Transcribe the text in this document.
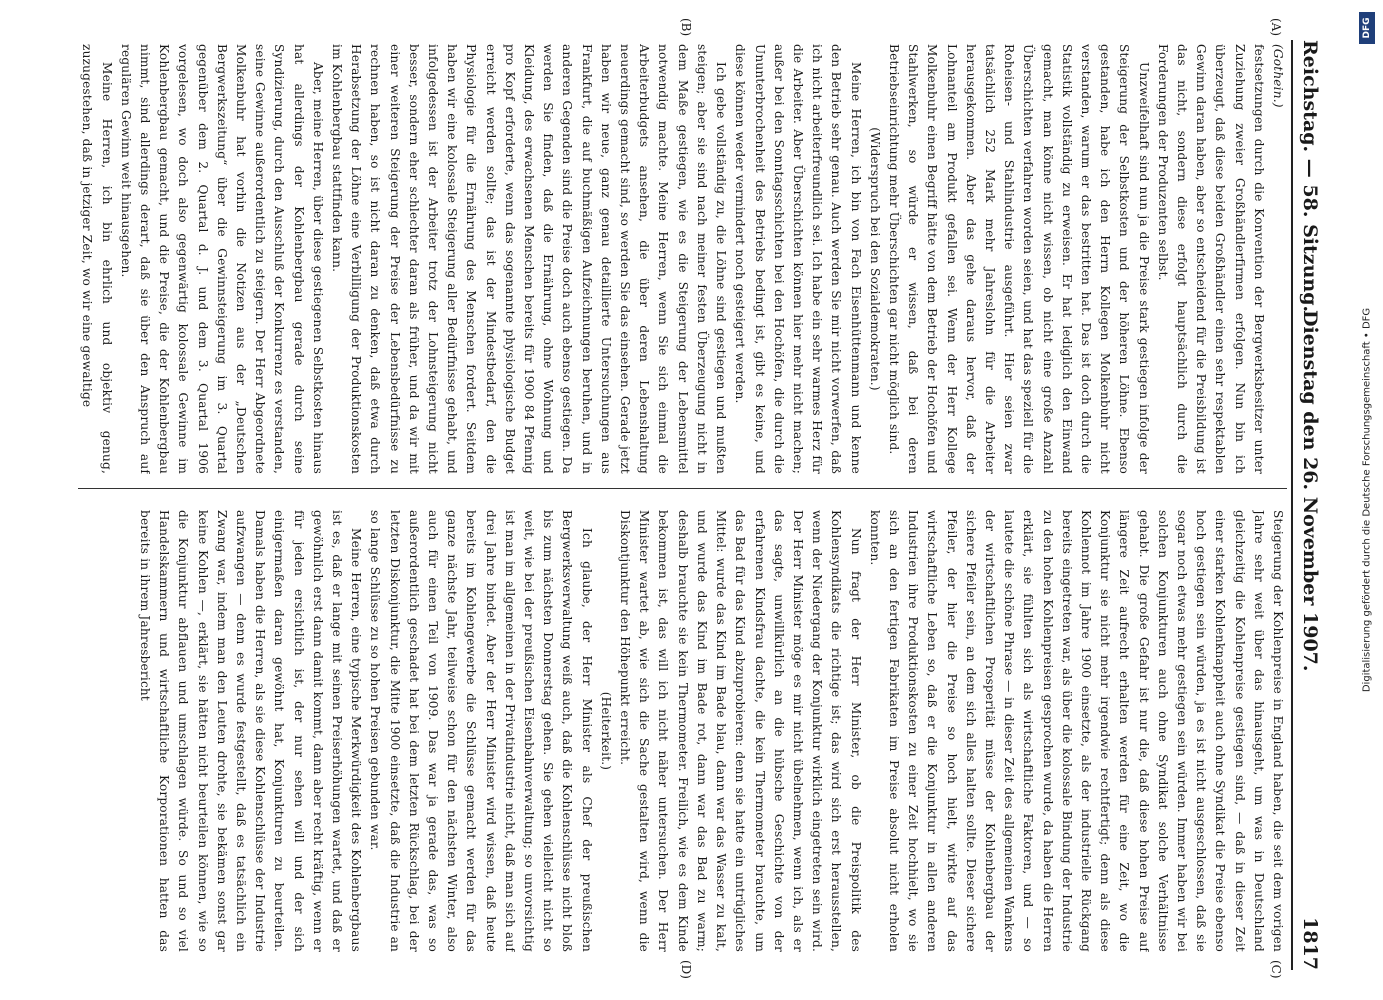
Reichstag. — 58. Sitzung.
Dienstag den 26. November 1907.
1817
(A)
(B)
(C)
(D)

(Gothein.)

festsetzungen durch die Konvention der Bergwerksbesitzer unter Zuziehung zweier Großhändlerfirmen erfolgen. Nun bin ich überzeugt, daß diese beiden Großhändler einen sehr respektablen Gewinn daran haben, aber so entscheidend für die Preisbildung ist das nicht, sondern diese erfolgt hauptsächlich durch die Forderungen der Produzenten selbst.

Unzweifelhaft sind nun ja die Preise stark gestiegen infolge der Steigerung der Selbstkosten und der höheren Löhne. Ebenso gestanden, habe ich den Herrn Kollegen Molkenbuhr nicht verstanden, warum er das bestritten hat. Das ist doch durch die Statistik vollständig zu erweisen. Er hat lediglich den Einwand gemacht, man könne nicht wissen, ob nicht eine große Anzahl Überschichten verfahren worden seien, und hat das speziell für die Roheisen- und Stahlindustrie ausgeführt. Hier seien zwar tatsächlich 252 Mark mehr Jahreslohn für die Arbeiter herausgekommen. Aber das gehe daraus hervor, daß der Lohnanteil am Produkt gefallen sei. Wenn der Herr Kollege Molkenbuhr einen Begriff hätte von dem Betrieb der Hochöfen und Stahlwerken, so würde er wissen, daß bei deren Betriebseinrichtung mehr Überschichten gar nicht möglich sind.

(Widerspruch bei den Sozialdemokraten.)

Meine Herren, ich bin von Fach Eisenhüttenmann und kenne den Betrieb sehr genau. Auch werden Sie mir nicht vorwerfen, daß ich nicht arbeiterfreundlich sei. Ich habe ein sehr warmes Herz für die Arbeiter. Aber Überschichten können hier mehr nicht machen; außer bei den Sonntagsschichten bei den Hochöfen, die durch die Ununterbrochenheit des Betriebs bedingt ist, gibt es keine, und diese können weder vermindert noch gesteigert werden.

Ich gebe vollständig zu, die Löhne sind gestiegen und mußten steigen; aber sie sind nach meiner festen Überzeugung nicht in dem Maße gestiegen, wie es die Steigerung der Lebensmittel notwendig machte. Meine Herren, wenn Sie sich einmal die Arbeiterbudgets ansehen, die über deren Lebenshaltung neuerdings gemacht sind, so werden Sie das einsehen. Gerade jetzt haben wir neue, ganz genau detaillierte Untersuchungen aus Frankfurt, die auf buchmäßigen Aufzeichnungen beruhen, und in anderen Gegenden sind die Preise doch auch ebenso gestiegen. Da werden Sie finden, daß die Ernährung, ohne Wohnung und Kleidung, des erwachsenen Menschen bereits für 1900 84 Pfennig pro Kopf erforderte, wenn das sogenannte physiologische Budget erreicht werden sollte; das ist der Mindestbedarf, den die Physiologie für die Ernährung des Menschen fordert. Seitdem haben wir eine kolossale Steigerung aller Bedürfnisse gehabt, und infolgedessen ist der Arbeiter trotz der Lohnsteigerung nicht besser, sondern eher schlechter daran als früher, und da wir mit einer weiteren Steigerung der Preise der Lebensbedürfnisse zu rechnen haben, so ist nicht daran zu denken, daß etwa durch Herabsetzung der Löhne eine Verbilligung der Produktionskosten im Kohlenbergbau stattfinden kann.

Aber, meine Herren, über diese gestiegenen Selbstkosten hinaus hat allerdings der Kohlenbergbau gerade durch seine Syndizierung, durch den Ausschluß der Konkurrenz es verstanden, seine Gewinne außerordentlich zu steigern. Der Herr Abgeordnete Molkenbuhr hat vorhin die Notizen aus der „Deutschen Bergwerkszeitung“ über die Gewinnsteigerung im 3. Quartal gegenüber dem 2. Quartal d. J. und dem 3. Quartal 1906 vorgelesen, wo doch also gegenwärtig kolossale Gewinne im Kohlenbergbau gemacht, und die Preise, die der Kohlenbergbau nimmt, sind allerdings derart, daß sie über den Anspruch auf regulären Gewinn weit hinausgehen.

Meine Herren, ich bin ehrlich und objektiv genug, zuzugestehen, daß in jetziger Zeit, wo wir eine gewaltige

Steigerung der Kohlenpreise in England haben, die seit dem vorigen Jahre sehr weit über das hinausgeht, um was in Deutschland gleichzeitig die Kohlenpreise gestiegen sind, — daß in dieser Zeit einer starken Kohlenknappheit auch ohne Syndikat die Preise ebenso hoch gestiegen sein würden, ja es ist nicht ausgeschlossen, daß sie sogar noch etwas mehr gestiegen sein würden. Immer haben wir bei solchen Konjunkturen auch ohne Syndikat solche Verhältnisse gehabt. Die große Gefahr ist nur die, daß diese hohen Preise auf längere Zeit aufrecht erhalten werden für eine Zeit, wo die Konjunktur sie nicht mehr irgendwie rechtfertigt; denn als diese Kohlennot im Jahre 1900 einsetzte, als der industrielle Rückgang bereits eingetreten war, als über die kolossale Bindung der Industrie zu den hohen Kohlenpreisen gesprochen wurde, da haben die Herren erklärt, sie fühlten sich als wirtschaftliche Faktoren, und — so lautete die schöne Phrase — in dieser Zeit des allgemeinen Wankens der wirtschaftlichen Prosperität müsse der Kohlenbergbau der sichere Pfeiler sein, an dem sich alles halten sollte. Dieser sichere Pfeiler, der hier die Preise so hoch hielt, wirkte auf das wirtschaftliche Leben so, daß er die Konjunktur in allen anderen Industrien ihre Produktionskosten zu einer Zeit hochhielt, wo sie sich an den fertigen Fabrikaten im Preise absolut nicht erholen konnten.

Nun fragt der Herr Minister, ob die Preispolitik des Kohlensyndikats die richtige ist; das wird sich erst herausstellen, wenn der Niedergang der Konjunktur wirklich eingetreten sein wird. Der Herr Minister möge es mir nicht übelnehmen, wenn ich, als er das sagte, unwillkürlich an die hübsche Geschichte von der erfahrenen Kindsfrau dachte, die kein Thermometer brauchte, um das Bad für das Kind abzuprobieren: denn sie hatte ein untrügliches Mittel: wurde das Kind im Bade blau, dann war das Wasser zu kalt, und wurde das Kind im Bade rot, dann war das Bad zu warm; deshalb brauchte sie kein Thermometer. Freilich, wie es dem Kinde bekommen ist, das will ich nicht näher untersuchen. Der Herr Minister wartet ab, wie sich die Sache gestalten wird, wenn die Diskontjunktur den Höhepunkt erreicht.

(Heiterkeit.)

Ich glaube, der Herr Minister als Chef der preußischen Bergwerksverwaltung weiß auch, daß die Kohlenschlüsse nicht bloß bis zum nächsten Donnerstag gehen. Sie gehen vielleicht nicht so weit, wie bei der preußischen Eisenbahnverwaltung; so unvorsichtig ist man im allgemeinen in der Privatindustrie nicht, daß man sich auf drei Jahre bindet. Aber der Herr Minister wird wissen, daß heute bereits im Kohlengewerbe die Schlüsse gemacht werden für das ganze nächste Jahr, teilweise schon für den nächsten Winter, also auch für einen Teil von 1909. Das war ja gerade das, was so außerordentlich geschadet hat bei dem letzten Rückschlag, bei der letzten Diskonjunktur, die Mitte 1900 einsetzte, daß die Industrie an so lange Schlüsse zu so hohen Preisen gebunden war.

Meine Herren, eine typische Merkwürdigkeit des Kohlenbergbaus ist es, daß er lange mit seinen Preiserhöhungen wartet, und daß er gewöhnlich erst dann damit kommt, dann aber recht kräftig, wenn er für jeden ersichtlich ist, der nur sehen will und der sich einigermaßen daran gewöhnt hat, Konjunkturen zu beurteilen. Damals haben die Herren, als sie diese Kohlenschlüsse der Industrie aufzwangen — denn es wurde festgestellt, daß es tatsächlich ein Zwang war, indem man den Leuten drohte, sie bekämen sonst gar keine Kohlen —, erklärt, sie hätten nicht beurteilen können, wie so die Konjunktur abflauen und umschlagen würde. So und so viel Handelskammern und wirtschaftliche Korporationen hatten das bereits in ihrem Jahresbericht

DFG
Digitalisierung gefördert durch die Deutsche Forschungsgemeinschaft • DFG
